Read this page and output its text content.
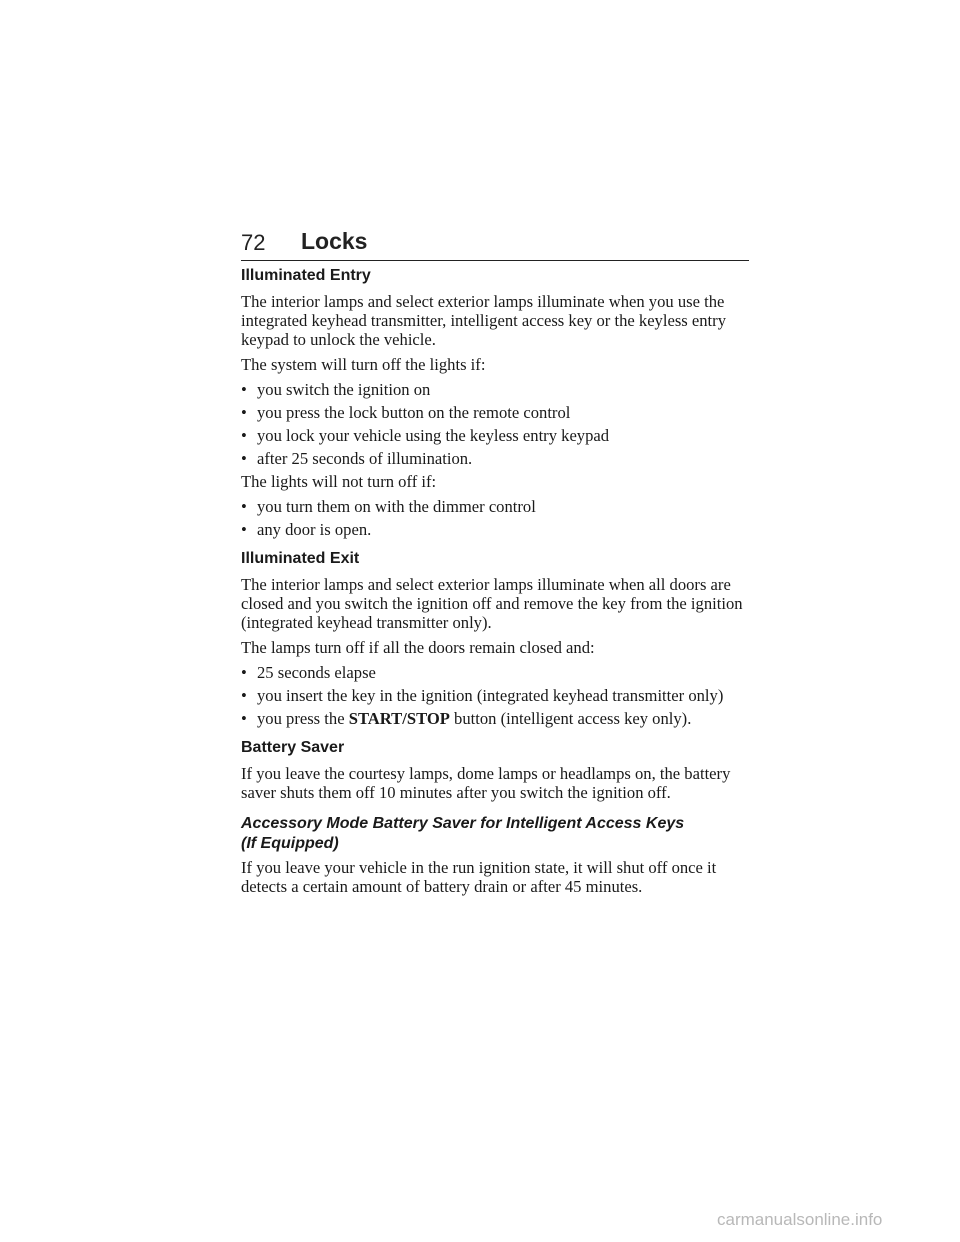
72 Locks
Illuminated Entry

The interior lamps and select exterior lamps illuminate when you use the integrated keyhead transmitter, intelligent access key or the keyless entry keypad to unlock the vehicle.

The system will turn off the lights if:

• you switch the ignition on
• you press the lock button on the remote control
• you lock your vehicle using the keyless entry keypad
• after 25 seconds of illumination.

The lights will not turn off if:

• you turn them on with the dimmer control
• any door is open.
Illuminated Exit

The interior lamps and select exterior lamps illuminate when all doors are closed and you switch the ignition off and remove the key from the ignition (integrated keyhead transmitter only).

The lamps turn off if all the doors remain closed and:

• 25 seconds elapse
• you insert the key in the ignition (integrated keyhead transmitter only)
• you press the START/STOP button (intelligent access key only).
Battery Saver

If you leave the courtesy lamps, dome lamps or headlamps on, the battery saver shuts them off 10 minutes after you switch the ignition off.

Accessory Mode Battery Saver for Intelligent Access Keys
(If Equipped)

If you leave your vehicle in the run ignition state, it will shut off once it detects a certain amount of battery drain or after 45 minutes.

carmanualsonline.info
